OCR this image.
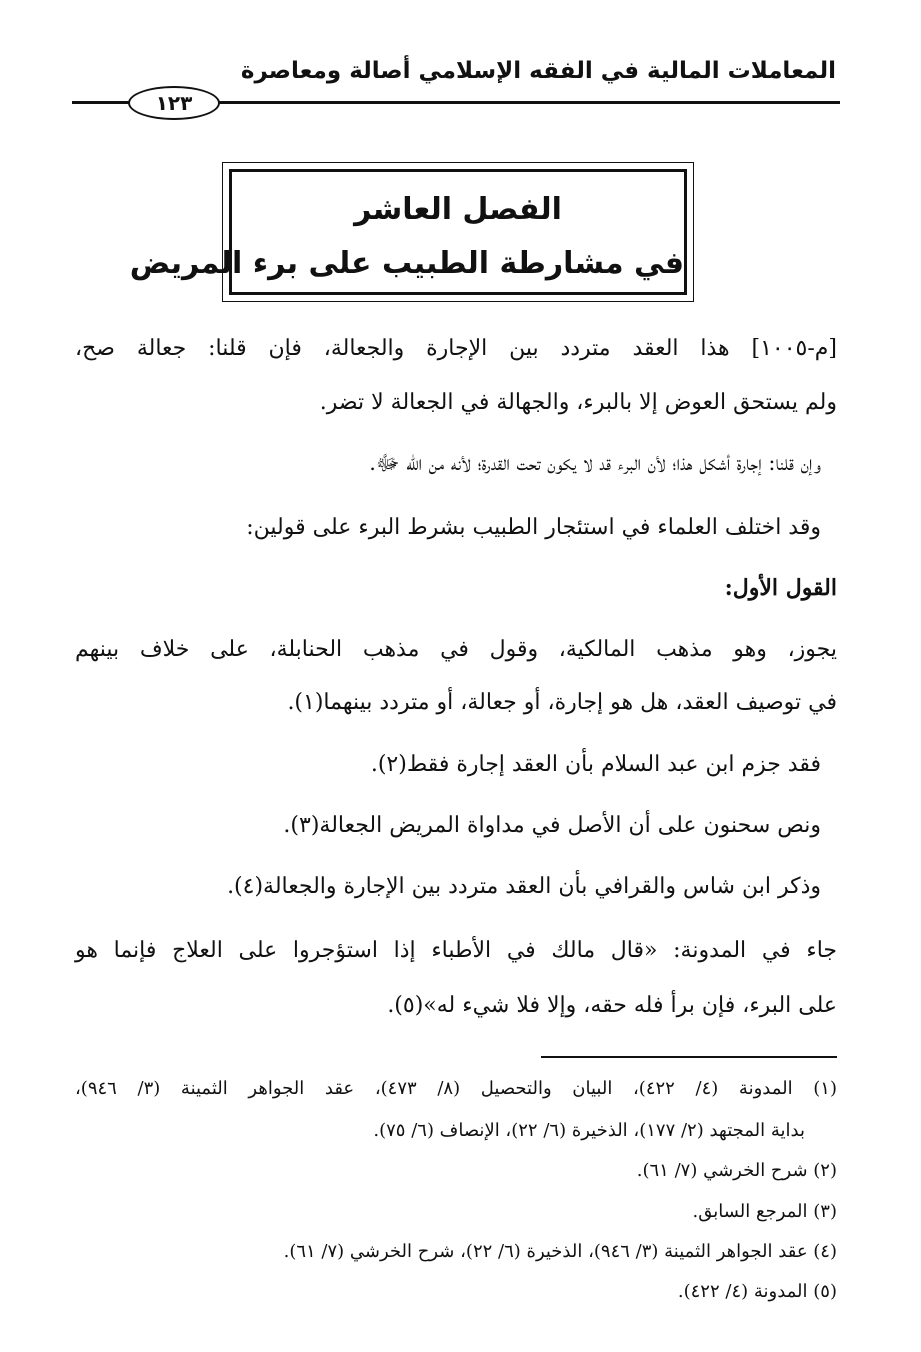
المعاملات المالية في الفقه الإسلامي أصالة ومعاصرة
١٢٣
الفصل العاشر
في مشارطة الطبيب على برء المريض
[م-١٠٠٥] هذا العقد متردد بين الإجارة والجعالة، فإن قلنا: جعالة صح،
ولم يستحق العوض إلا بالبرء، والجهالة في الجعالة لا تضر.
وإن قلنا: إجارة أشكل هذا؛ لأن البرء قد لا يكون تحت القدرة؛ لأنه من الله ﷻ.
وقد اختلف العلماء في استئجار الطبيب بشرط البرء على قولين:
القول الأول:
يجوز، وهو مذهب المالكية، وقول في مذهب الحنابلة، على خلاف بينهم
في توصيف العقد، هل هو إجارة، أو جعالة، أو متردد بينهما(١).
فقد جزم ابن عبد السلام بأن العقد إجارة فقط(٢).
ونص سحنون على أن الأصل في مداواة المريض الجعالة(٣).
وذكر ابن شاس والقرافي بأن العقد متردد بين الإجارة والجعالة(٤).
جاء في المدونة: «قال مالك في الأطباء إذا استؤجروا على العلاج فإنما هو
على البرء، فإن برأ فله حقه، وإلا فلا شيء له»(٥).
(١) المدونة (٤/ ٤٢٢)، البيان والتحصيل (٨/ ٤٧٣)، عقد الجواهر الثمينة (٣/ ٩٤٦)،
بداية المجتهد (٢/ ١٧٧)، الذخيرة (٦/ ٢٢)، الإنصاف (٦/ ٧٥).
(٢) شرح الخرشي (٧/ ٦١).
(٣) المرجع السابق.
(٤) عقد الجواهر الثمينة (٣/ ٩٤٦)، الذخيرة (٦/ ٢٢)، شرح الخرشي (٧/ ٦١).
(٥) المدونة (٤/ ٤٢٢).
